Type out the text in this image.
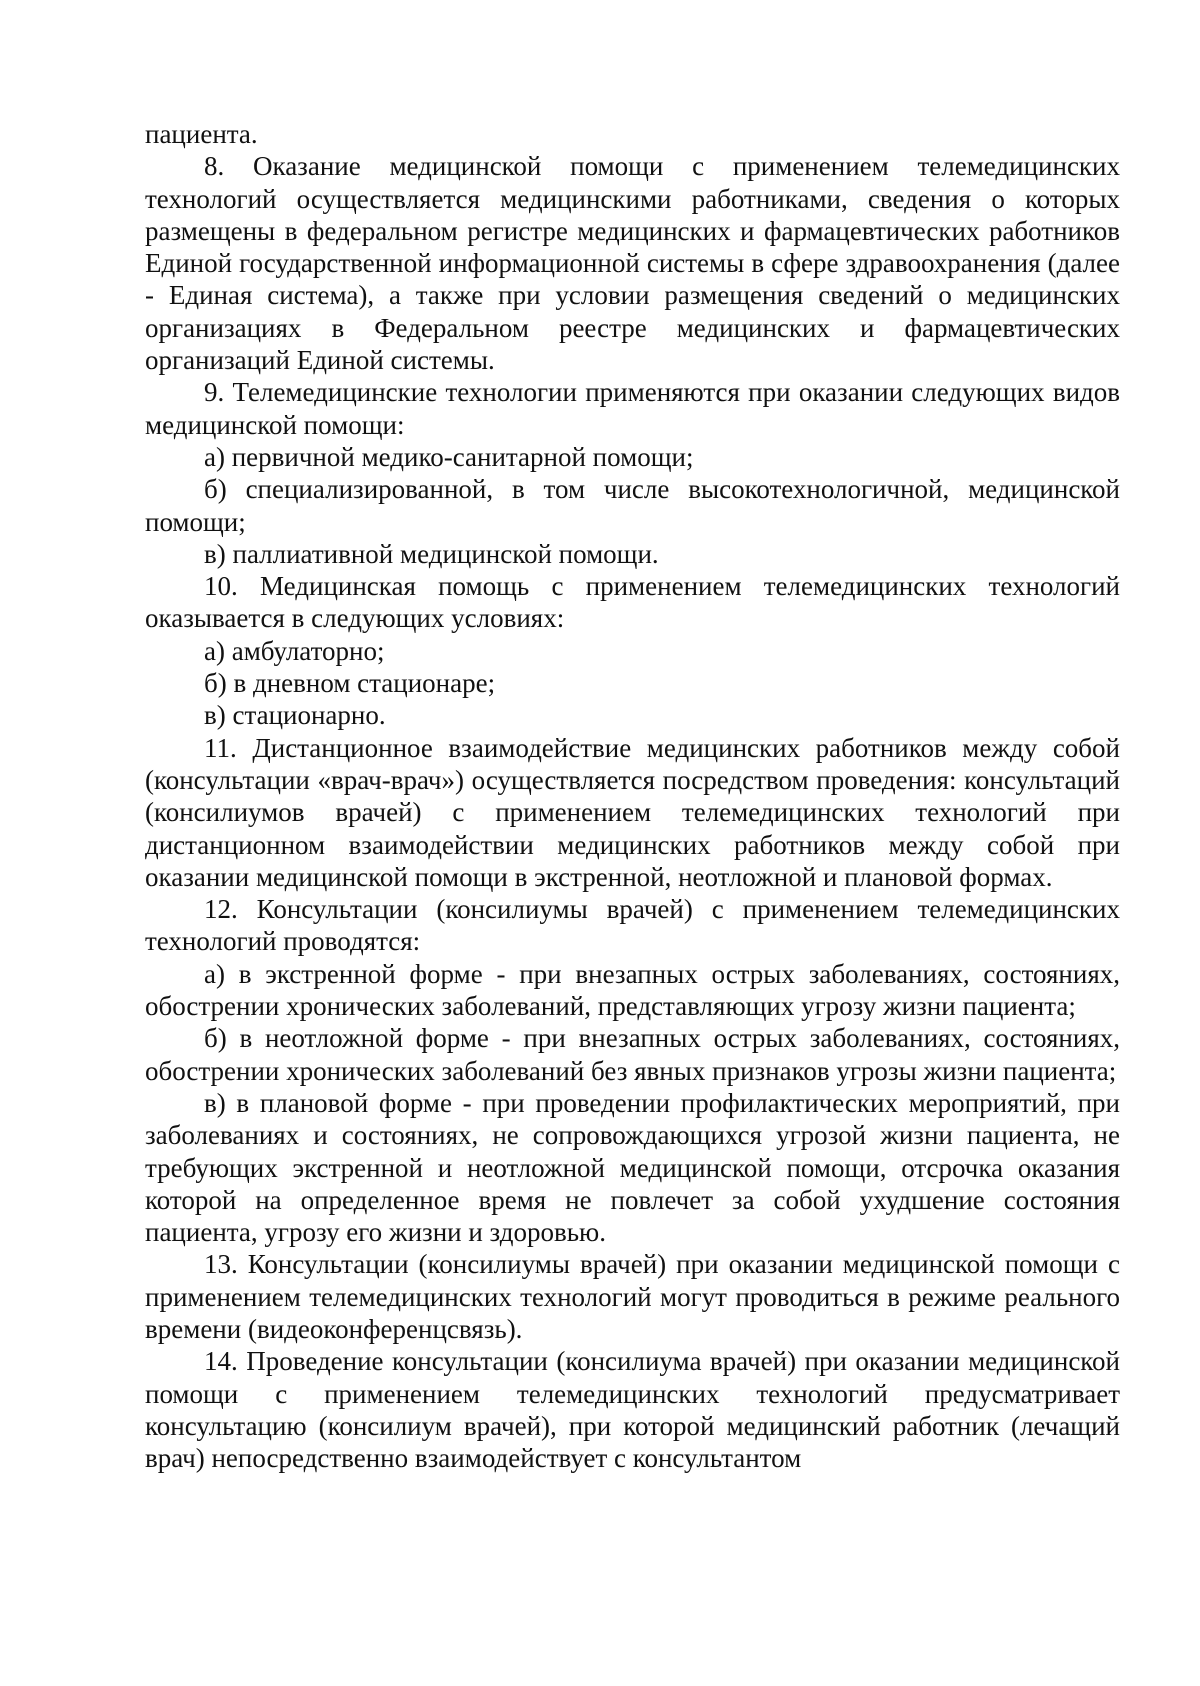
пациента.

8. Оказание медицинской помощи с применением телемедицинских технологий осуществляется медицинскими работниками, сведения о которых размещены в федеральном регистре медицинских и фармацевтических работников Единой государственной информационной системы в сфере здравоохранения (далее - Единая система), а также при условии размещения сведений о медицинских организациях в Федеральном реестре медицинских и фармацевтических организаций Единой системы.

9. Телемедицинские технологии применяются при оказании следующих видов медицинской помощи:

а) первичной медико-санитарной помощи;

б) специализированной, в том числе высокотехнологичной, медицинской помощи;

в) паллиативной медицинской помощи.

10. Медицинская помощь с применением телемедицинских технологий оказывается в следующих условиях:

а) амбулаторно;

б) в дневном стационаре;

в) стационарно.

11. Дистанционное взаимодействие медицинских работников между собой (консультации «врач-врач») осуществляется посредством проведения: консультаций (консилиумов врачей) с применением телемедицинских технологий при дистанционном взаимодействии медицинских работников между собой при оказании медицинской помощи в экстренной, неотложной и плановой формах.

12. Консультации (консилиумы врачей) с применением телемедицинских технологий проводятся:

а) в экстренной форме - при внезапных острых заболеваниях, состояниях, обострении хронических заболеваний, представляющих угрозу жизни пациента;

б) в неотложной форме - при внезапных острых заболеваниях, состояниях, обострении хронических заболеваний без явных признаков угрозы жизни пациента;

в) в плановой форме - при проведении профилактических мероприятий, при заболеваниях и состояниях, не сопровождающихся угрозой жизни пациента, не требующих экстренной и неотложной медицинской помощи, отсрочка оказания которой на определенное время не повлечет за собой ухудшение состояния пациента, угрозу его жизни и здоровью.

13. Консультации (консилиумы врачей) при оказании медицинской помощи с применением телемедицинских технологий могут проводиться в режиме реального времени (видеоконференцсвязь).

14. Проведение консультации (консилиума врачей) при оказании медицинской помощи с применением телемедицинских технологий предусматривает консультацию (консилиум врачей), при которой медицинский работник (лечащий врач) непосредственно взаимодействует с консультантом
